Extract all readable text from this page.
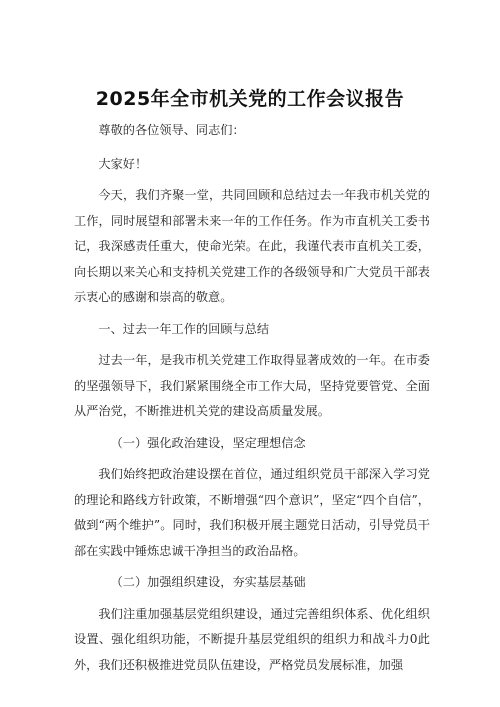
2025年全市机关党的工作会议报告

尊敬的各位领导、同志们：

大家好！

今天，我们齐聚一堂，共同回顾和总结过去一年我市机关党的工作，同时展望和部署未来一年的工作任务。作为市直机关工委书记，我深感责任重大，使命光荣。在此，我谨代表市直机关工委，向长期以来关心和支持机关党建工作的各级领导和广大党员干部表示衷心的感谢和崇高的敬意。

一、过去一年工作的回顾与总结

过去一年，是我市机关党建工作取得显著成效的一年。在市委的坚强领导下，我们紧紧围绕全市工作大局，坚持党要管党、全面从严治党，不断推进机关党的建设高质量发展。

（一）强化政治建设，坚定理想信念

我们始终把政治建设摆在首位，通过组织党员干部深入学习党的理论和路线方针政策，不断增强“四个意识”，坚定“四个自信”，做到“两个维护”。同时，我们积极开展主题党日活动，引导党员干部在实践中锤炼忠诚干净担当的政治品格。

（二）加强组织建设，夯实基层基础

我们注重加强基层党组织建设，通过完善组织体系、优化组织设置、强化组织功能，不断提升基层党组织的组织力和战斗力0此外，我们还积极推进党员队伍建设，严格党员发展标准，加强
